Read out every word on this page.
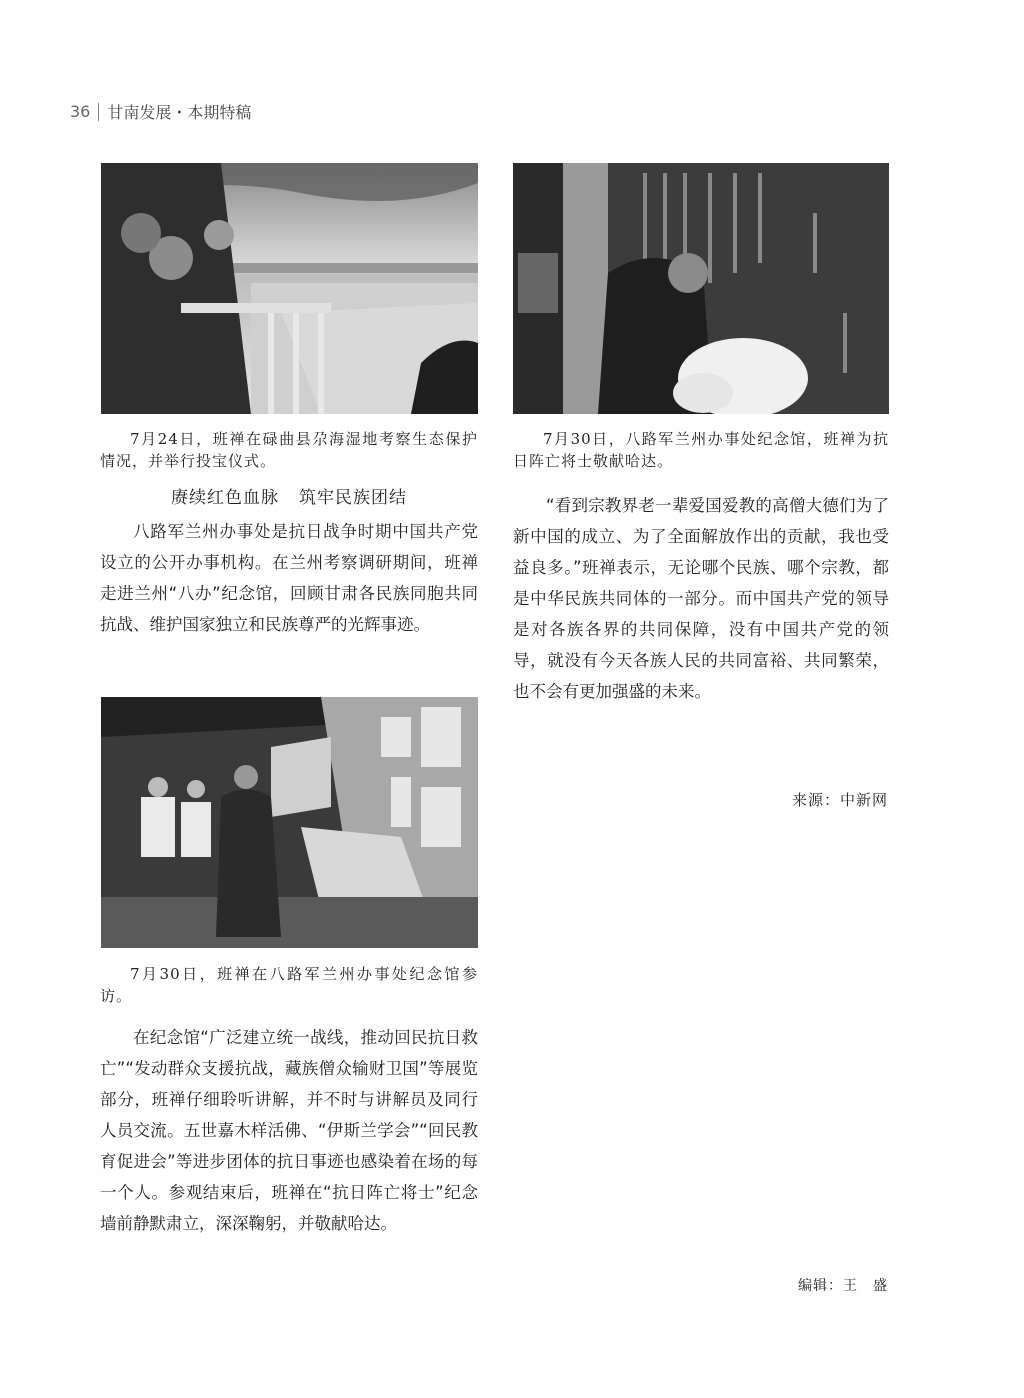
36 甘南发展・本期特稿
7月24日，班禅在碌曲县尕海湿地考察生态保护情况，并举行投宝仪式。
7月30日，八路军兰州办事处纪念馆，班禅为抗日阵亡将士敬献哈达。
赓续红色血脉 筑牢民族团结

八路军兰州办事处是抗日战争时期中国共产党设立的公开办事机构。在兰州考察调研期间，班禅走进兰州“八办”纪念馆，回顾甘肃各民族同胞共同抗战、维护国家独立和民族尊严的光辉事迹。

7月30日，班禅在八路军兰州办事处纪念馆参访。

在纪念馆“广泛建立统一战线，推动回民抗日救亡”“发动群众支援抗战，藏族僧众输财卫国”等展览部分，班禅仔细聆听讲解，并不时与讲解员及同行人员交流。五世嘉木样活佛、“伊斯兰学会”“回民教育促进会”等进步团体的抗日事迹也感染着在场的每一个人。参观结束后，班禅在“抗日阵亡将士”纪念墙前静默肃立，深深鞠躬，并敬献哈达。

“看到宗教界老一辈爱国爱教的高僧大德们为了新中国的成立、为了全面解放作出的贡献，我也受益良多。”班禅表示，无论哪个民族、哪个宗教，都是中华民族共同体的一部分。而中国共产党的领导是对各族各界的共同保障，没有中国共产党的领导，就没有今天各族人民的共同富裕、共同繁荣，也不会有更加强盛的未来。

来源：中新网
编辑：王　盛
